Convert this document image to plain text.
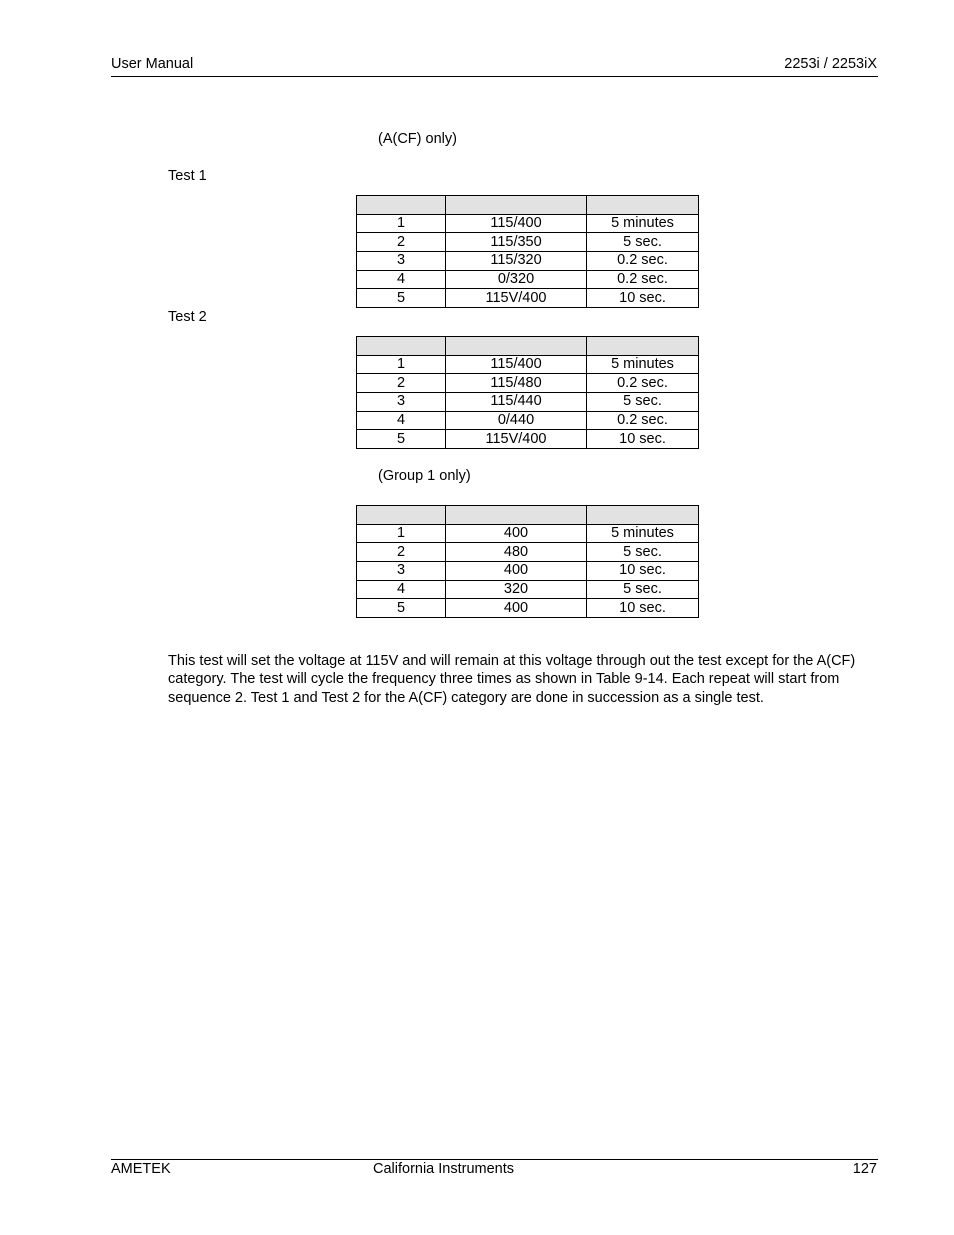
User Manual	2253i / 2253iX
(A(CF) only)
Test 1

1	115/400	5 minutes
2	115/350	5 sec.
3	115/320	0.2 sec.
4	0/320	0.2 sec.
5	115V/400	10 sec.
Test 2

1	115/400	5 minutes
2	115/480	0.2 sec.
3	115/440	5 sec.
4	0/440	0.2 sec.
5	115V/400	10 sec.
(Group 1 only)

1	400	5 minutes
2	480	5 sec.
3	400	10 sec.
4	320	5 sec.
5	400	10 sec.

This test will set the voltage at 115V and will remain at this voltage through out the test except for the A(CF) category. The test will cycle the frequency three times as shown in Table 9-14. Each repeat will start from sequence 2. Test 1 and Test 2 for the A(CF) category are done in succession as a single test.

AMETEK	California Instruments	127
